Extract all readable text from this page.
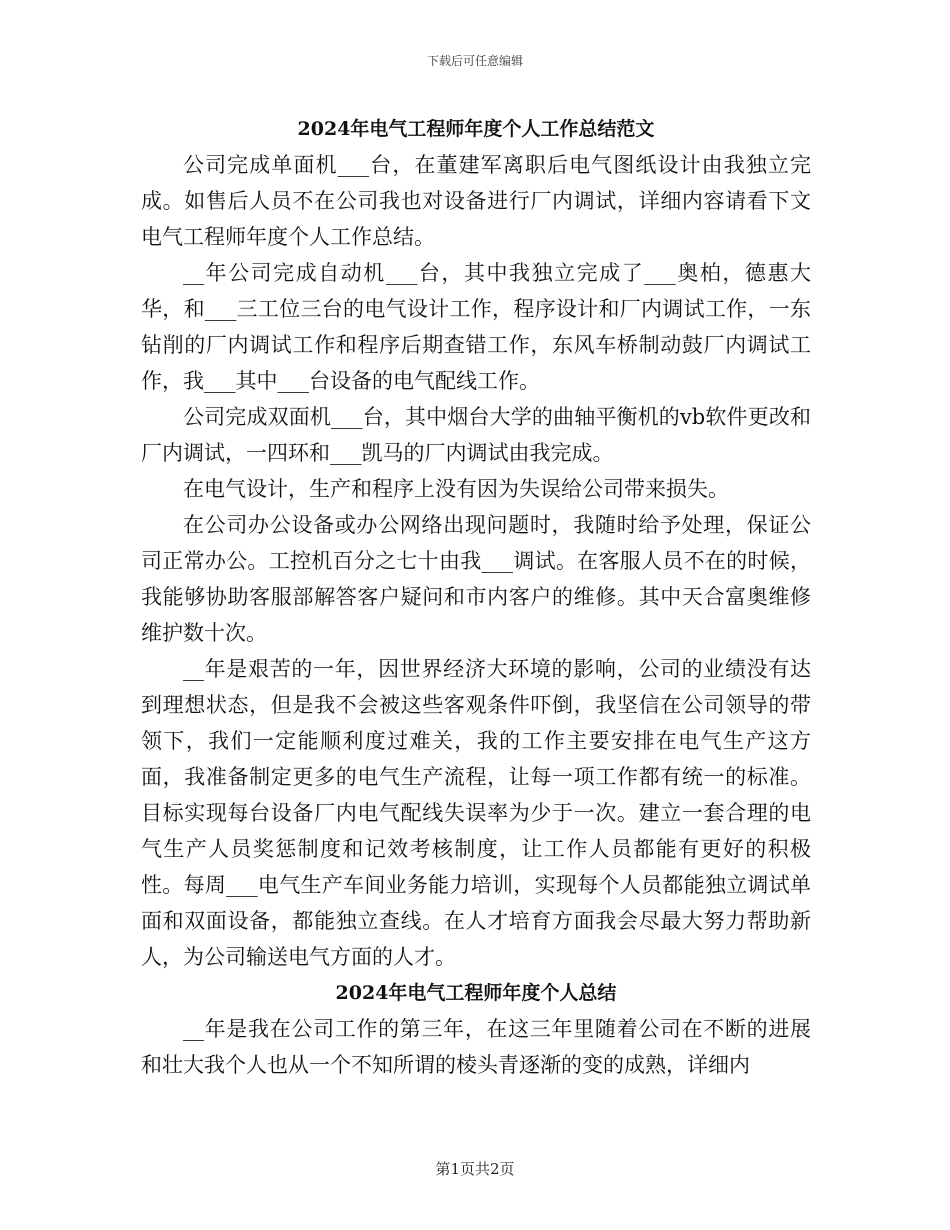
下载后可任意编辑
2024年电气工程师年度个人工作总结范文

公司完成单面机___台，在董建军离职后电气图纸设计由我独立完成。如售后人员不在公司我也对设备进行厂内调试，详细内容请看下文电气工程师年度个人工作总结。

__年公司完成自动机___台，其中我独立完成了___奥柏，德惠大华，和___三工位三台的电气设计工作，程序设计和厂内调试工作，一东钻削的厂内调试工作和程序后期查错工作，东风车桥制动鼓厂内调试工作，我___其中___台设备的电气配线工作。

公司完成双面机___台，其中烟台大学的曲轴平衡机的vb软件更改和厂内调试，一四环和___凯马的厂内调试由我完成。

在电气设计，生产和程序上没有因为失误给公司带来损失。

在公司办公设备或办公网络出现问题时，我随时给予处理，保证公司正常办公。工控机百分之七十由我___调试。在客服人员不在的时候，我能够协助客服部解答客户疑问和市内客户的维修。其中天合富奥维修维护数十次。

__年是艰苦的一年，因世界经济大环境的影响，公司的业绩没有达到理想状态，但是我不会被这些客观条件吓倒，我坚信在公司领导的带领下，我们一定能顺利度过难关，我的工作主要安排在电气生产这方面，我准备制定更多的电气生产流程，让每一项工作都有统一的标准。目标实现每台设备厂内电气配线失误率为少于一次。建立一套合理的电气生产人员奖惩制度和记效考核制度，让工作人员都能有更好的积极性。每周___电气生产车间业务能力培训，实现每个人员都能独立调试单面和双面设备，都能独立查线。在人才培育方面我会尽最大努力帮助新人，为公司输送电气方面的人才。

2024年电气工程师年度个人总结

__年是我在公司工作的第三年，在这三年里随着公司在不断的进展和壮大我个人也从一个不知所谓的棱头青逐渐的变的成熟，详细内

第1页共2页
